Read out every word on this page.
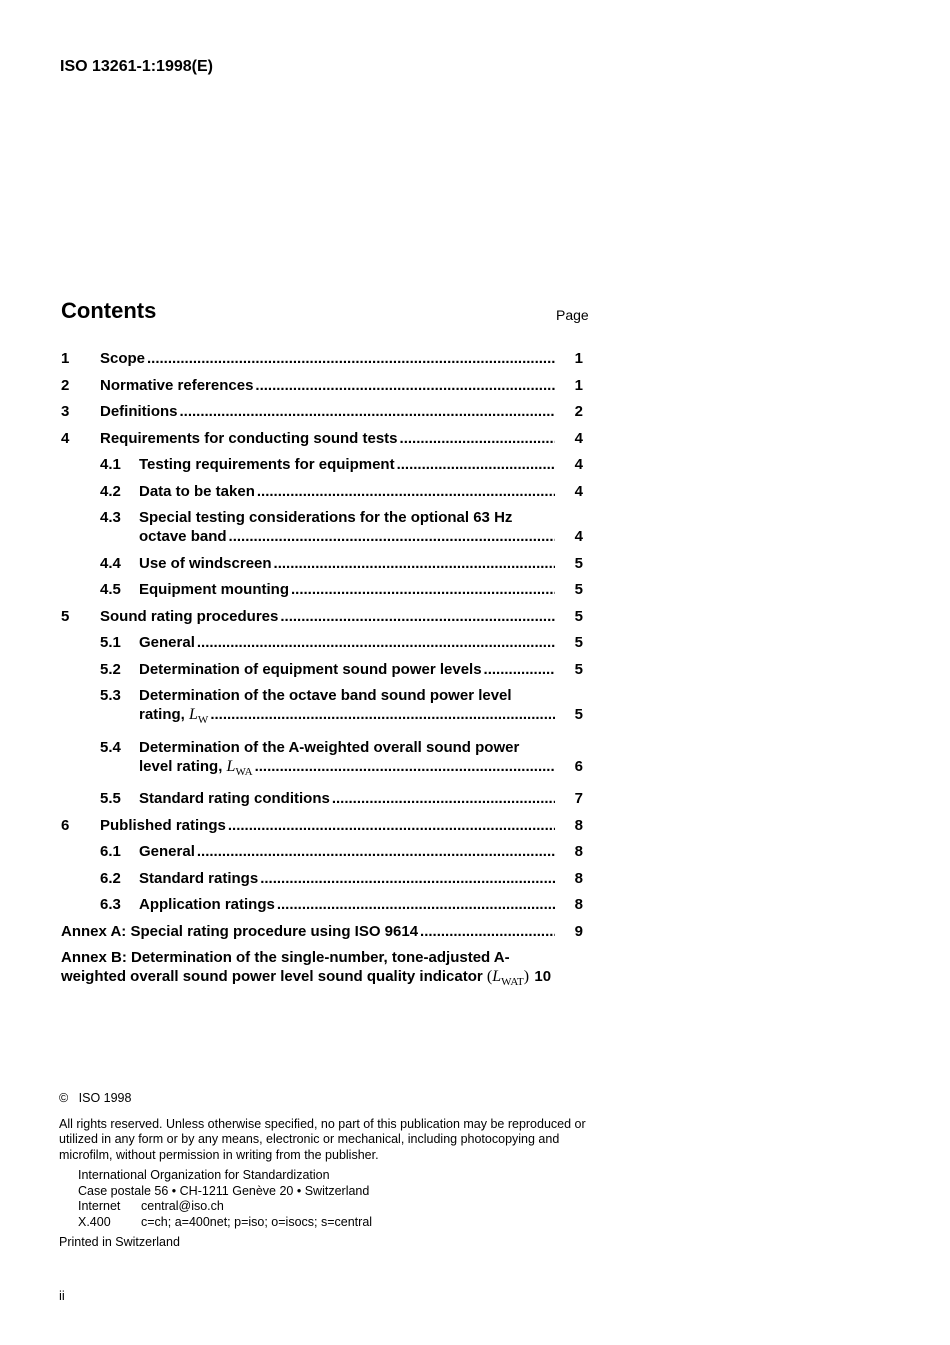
ISO 13261-1:1998(E)
Contents	Page
1	Scope .....	1
2	Normative references .....	1
3	Definitions .....	2
4	Requirements for conducting sound tests .....	4
4.1	Testing requirements for equipment .....	4
4.2	Data to be taken .....	4
4.3	Special testing considerations for the optional 63 Hz
octave band .....	4
4.4	Use of windscreen .....	5
4.5	Equipment mounting .....	5
5	Sound rating procedures .....	5
5.1	General .....	5
5.2	Determination of equipment sound power levels .....	5
5.3	Determination of the octave band sound power level
rating, $L_W$ .....	5
5.4	Determination of the A-weighted overall sound power
level rating, $L_{WA}$ .....	6
5.5	Standard rating conditions .....	7
6	Published ratings .....	8
6.1	General .....	8
6.2	Standard ratings .....	8
6.3	Application ratings .....	8
Annex A: Special rating procedure using ISO 9614 .....	9
Annex B: Determination of the single-number, tone-adjusted A-
weighted overall sound power level sound quality indicator $(L_{WAT})$ 10

© ISO 1998

All rights reserved. Unless otherwise specified, no part of this publication may be reproduced or utilized in any form or by any means, electronic or mechanical, including photocopying and microfilm, without permission in writing from the publisher.

International Organization for Standardization
Case postale 56 • CH-1211 Genève 20 • Switzerland
Internet	central@iso.ch
X.400	c=ch; a=400net; p=iso; o=isocs; s=central

Printed in Switzerland

ii
